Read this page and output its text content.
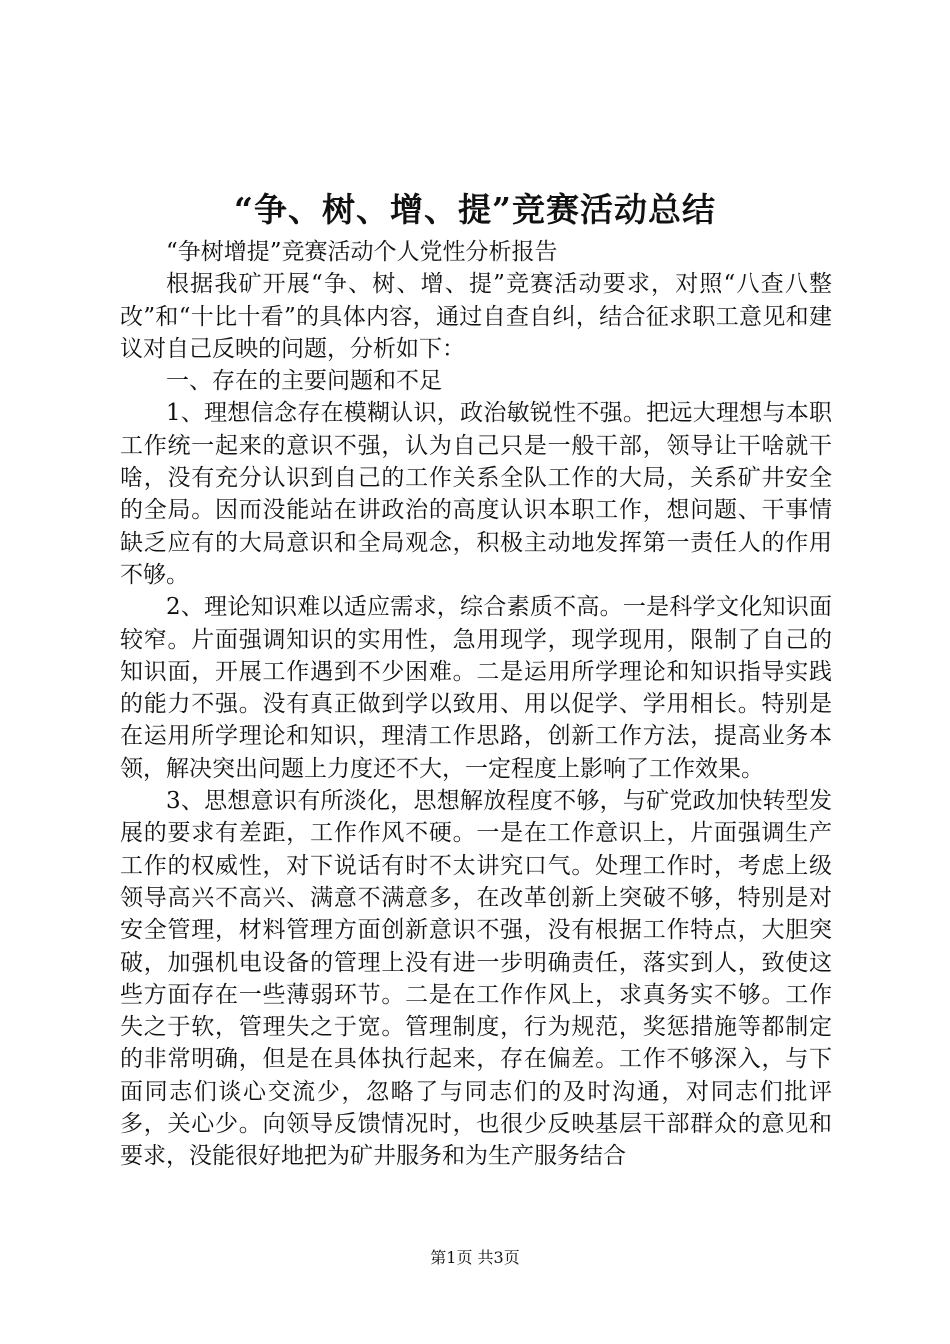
“争、树、增、提”竞赛活动总结

“争树增提”竞赛活动个人党性分析报告

根据我矿开展“争、树、增、提”竞赛活动要求，对照“八查八整改”和“十比十看”的具体内容，通过自查自纠，结合征求职工意见和建议对自己反映的问题，分析如下：

一、存在的主要问题和不足

1、理想信念存在模糊认识，政治敏锐性不强。把远大理想与本职工作统一起来的意识不强，认为自己只是一般干部，领导让干啥就干啥，没有充分认识到自己的工作关系全队工作的大局，关系矿井安全的全局。因而没能站在讲政治的高度认识本职工作，想问题、干事情缺乏应有的大局意识和全局观念，积极主动地发挥第一责任人的作用不够。

2、理论知识难以适应需求，综合素质不高。一是科学文化知识面较窄。片面强调知识的实用性，急用现学，现学现用，限制了自己的知识面，开展工作遇到不少困难。二是运用所学理论和知识指导实践的能力不强。没有真正做到学以致用、用以促学、学用相长。特别是在运用所学理论和知识，理清工作思路，创新工作方法，提高业务本领，解决突出问题上力度还不大，一定程度上影响了工作效果。

3、思想意识有所淡化，思想解放程度不够，与矿党政加快转型发展的要求有差距，工作作风不硬。一是在工作意识上，片面强调生产工作的权威性，对下说话有时不太讲究口气。处理工作时，考虑上级领导高兴不高兴、满意不满意多，在改革创新上突破不够，特别是对安全管理，材料管理方面创新意识不强，没有根据工作特点，大胆突破，加强机电设备的管理上没有进一步明确责任，落实到人，致使这些方面存在一些薄弱环节。二是在工作作风上，求真务实不够。工作失之于软，管理失之于宽。管理制度，行为规范，奖惩措施等都制定的非常明确，但是在具体执行起来，存在偏差。工作不够深入，与下面同志们谈心交流少，忽略了与同志们的及时沟通，对同志们批评多，关心少。向领导反馈情况时，也很少反映基层干部群众的意见和要求，没能很好地把为矿井服务和为生产服务结合

第1页 共3页
